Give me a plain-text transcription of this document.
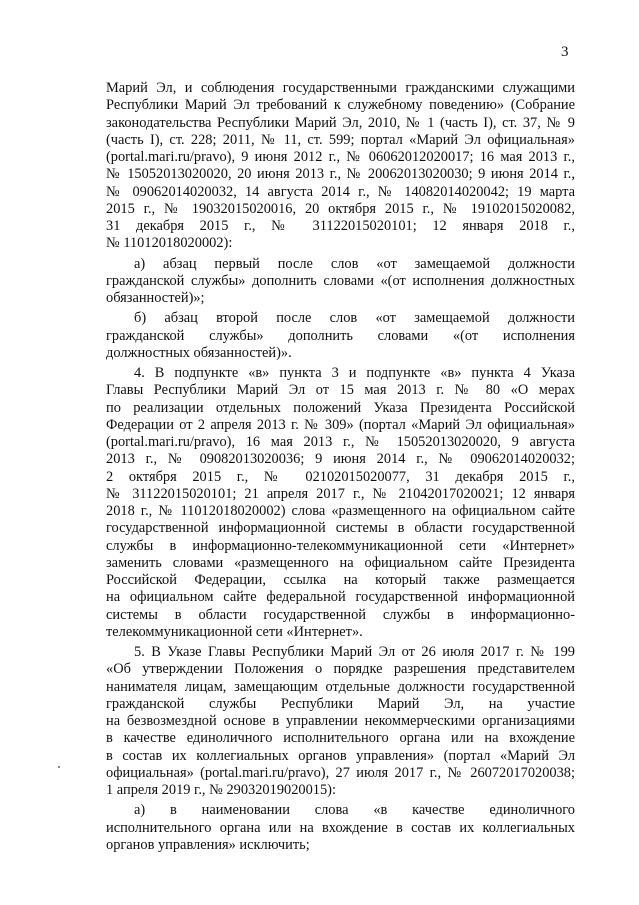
3
Марий Эл, и соблюдения государственными гражданскими служащими
Республики Марий Эл требований к служебному поведению» (Собрание
законодательства Республики Марий Эл, 2010, № 1 (часть I), ст. 37, № 9
(часть I), ст. 228; 2011, № 11, ст. 599; портал «Марий Эл официальная»
(portal.mari.ru/pravo), 9 июня 2012 г., № 06062012020017; 16 мая 2013 г.,
№ 15052013020020, 20 июня 2013 г., № 20062013020030; 9 июня 2014 г.,
№ 09062014020032, 14 августа 2014 г., № 14082014020042; 19 марта
2015 г., № 19032015020016, 20 октября 2015 г., № 19102015020082,
31 декабря 2015 г., № 31122015020101; 12 января 2018 г.,
№ 11012018020002):
а) абзац первый после слов «от замещаемой должности
гражданской службы» дополнить словами «(от исполнения должностных
обязанностей)»;
б) абзац второй после слов «от замещаемой должности
гражданской службы» дополнить словами «(от исполнения
должностных обязанностей)».
4. В подпункте «в» пункта 3 и подпункте «в» пункта 4 Указа
Главы Республики Марий Эл от 15 мая 2013 г. № 80 «О мерах
по реализации отдельных положений Указа Президента Российской
Федерации от 2 апреля 2013 г. № 309» (портал «Марий Эл официальная»
(portal.mari.ru/pravo), 16 мая 2013 г., № 15052013020020, 9 августа
2013 г., № 09082013020036; 9 июня 2014 г., № 09062014020032;
2 октября 2015 г., № 02102015020077, 31 декабря 2015 г.,
№ 31122015020101; 21 апреля 2017 г., № 21042017020021; 12 января
2018 г., № 11012018020002) слова «размещенного на официальном сайте
государственной информационной системы в области государственной
службы в информационно-телекоммуникационной сети «Интернет»
заменить словами «размещенного на официальном сайте Президента
Российской Федерации, ссылка на который также размещается
на официальном сайте федеральной государственной информационной
системы в области государственной службы в информационно-
телекоммуникационной сети «Интернет».
5. В Указе Главы Республики Марий Эл от 26 июля 2017 г. № 199
«Об утверждении Положения о порядке разрешения представителем
нанимателя лицам, замещающим отдельные должности государственной
гражданской службы Республики Марий Эл, на участие
на безвозмездной основе в управлении некоммерческими организациями
в качестве единоличного исполнительного органа или на вхождение
в состав их коллегиальных органов управления» (портал «Марий Эл
официальная» (portal.mari.ru/pravo), 27 июля 2017 г., № 26072017020038;
1 апреля 2019 г., № 29032019020015):
а) в наименовании слова «в качестве единоличного
исполнительного органа или на вхождение в состав их коллегиальных
органов управления» исключить;
